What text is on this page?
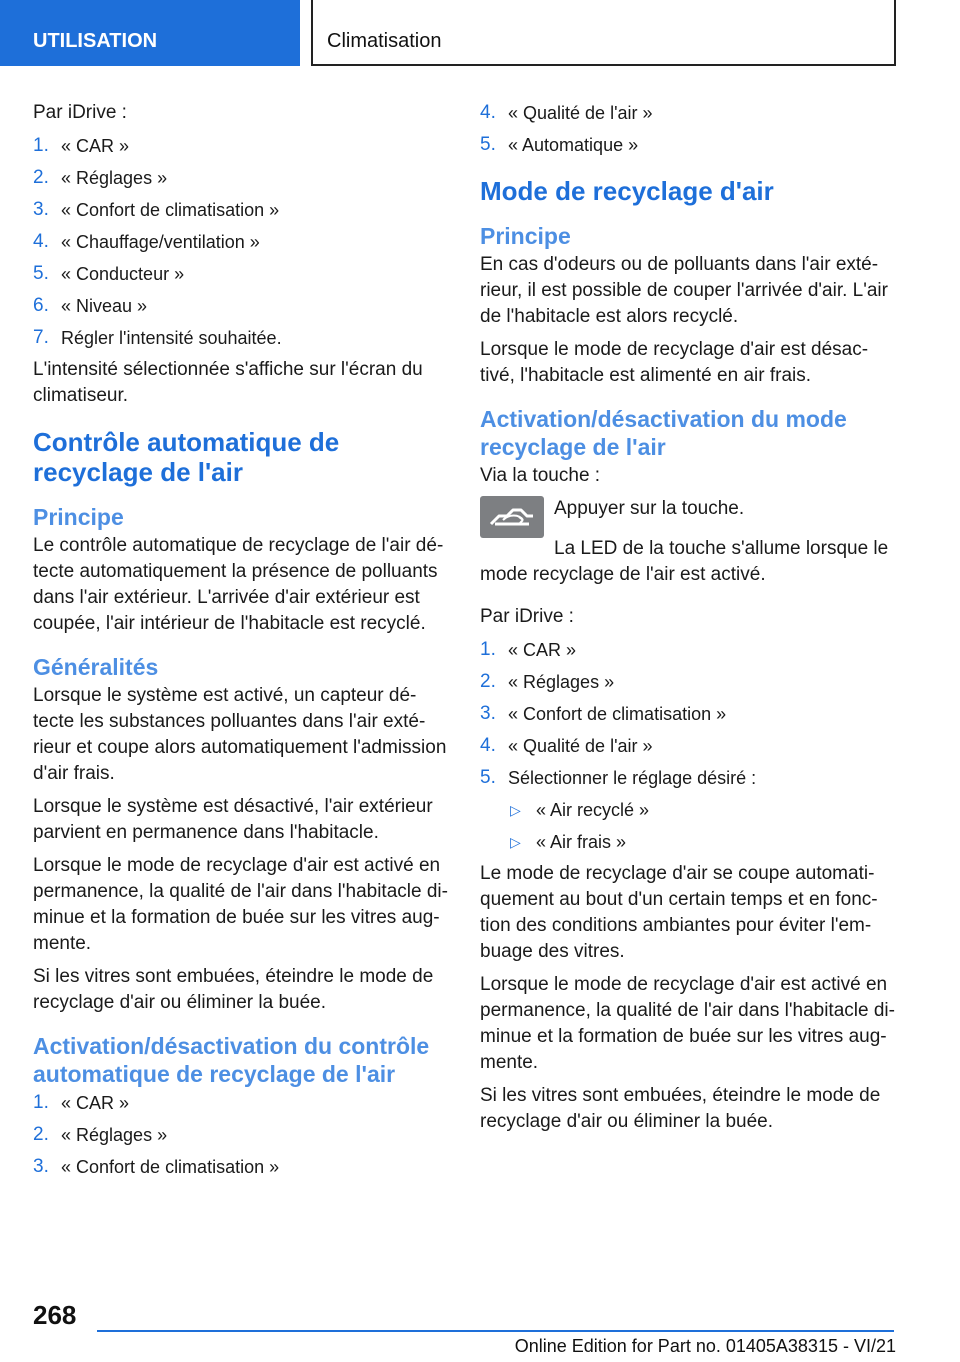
UTILISATION	Climatisation

Par iDrive :

1. « CAR »
2. « Réglages »
3. « Confort de climatisation »
4. « Chauffage/ventilation »
5. « Conducteur »
6. « Niveau »
7. Régler l'intensité souhaitée.

L'intensité sélectionnée s'affiche sur l'écran du climatiseur.

Contrôle automatique de recyclage de l'air
Principe

Le contrôle automatique de recyclage de l'air détecte automatiquement la présence de polluants dans l'air extérieur. L'arrivée d'air extérieur est coupée, l'air intérieur de l'habitacle est recyclé.

Généralités

Lorsque le système est activé, un capteur détecte les substances polluantes dans l'air extérieur et coupe alors automatiquement l'admission d'air frais.

Lorsque le système est désactivé, l'air extérieur parvient en permanence dans l'habitacle.

Lorsque le mode de recyclage d'air est activé en permanence, la qualité de l'air dans l'habitacle diminue et la formation de buée sur les vitres augmente.

Si les vitres sont embuées, éteindre le mode de recyclage d'air ou éliminer la buée.

Activation/désactivation du contrôle automatique de recyclage de l'air
1. « CAR »
2. « Réglages »
3. « Confort de climatisation »
4. « Qualité de l'air »
5. « Automatique »
Mode de recyclage d'air
Principe

En cas d'odeurs ou de polluants dans l'air extérieur, il est possible de couper l'arrivée d'air. L'air de l'habitacle est alors recyclé.

Lorsque le mode de recyclage d'air est désactivé, l'habitacle est alimenté en air frais.

Activation/désactivation du mode recyclage de l'air

Via la touche :

Appuyer sur la touche.

La LED de la touche s'allume lorsque le mode recyclage de l'air est activé.

Par iDrive :

1. « CAR »
2. « Réglages »
3. « Confort de climatisation »
4. « Qualité de l'air »
5. Sélectionner le réglage désiré :
▷ « Air recyclé »
▷ « Air frais »

Le mode de recyclage d'air se coupe automatiquement au bout d'un certain temps et en fonction des conditions ambiantes pour éviter l'embuage des vitres.

Lorsque le mode de recyclage d'air est activé en permanence, la qualité de l'air dans l'habitacle diminue et la formation de buée sur les vitres augmente.

Si les vitres sont embuées, éteindre le mode de recyclage d'air ou éliminer la buée.

268
Online Edition for Part no. 01405A38315 - VI/21
